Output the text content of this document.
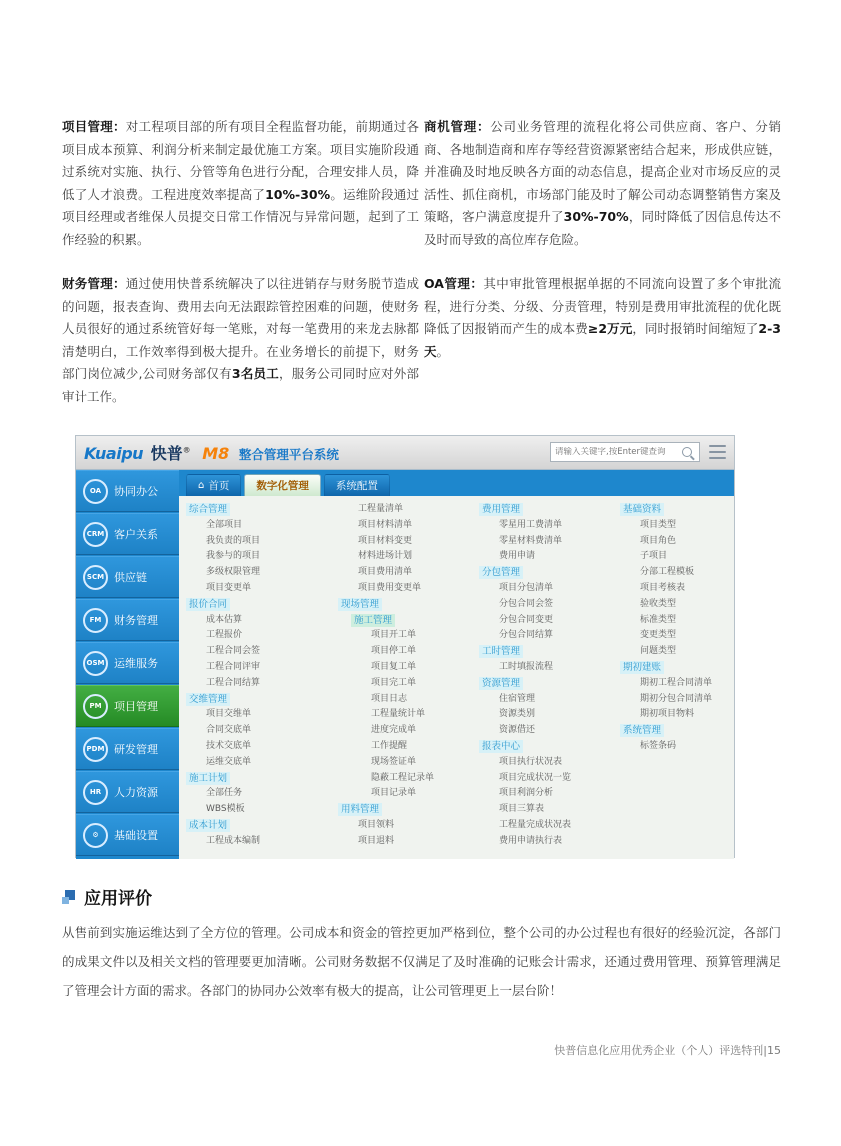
项目管理：对工程项目部的所有项目全程监督功能，前期通过各项目成本预算、利润分析来制定最优施工方案。项目实施阶段通过系统对实施、执行、分管等角色进行分配，合理安排人员，降低了人才浪费。工程进度效率提高了10%-30%。运维阶段通过项目经理或者维保人员提交日常工作情况与异常问题，起到了工作经验的积累。

财务管理：通过使用快普系统解决了以往进销存与财务脱节造成的问题，报表查询、费用去向无法跟踪管控困难的问题，使财务人员很好的通过系统管好每一笔账，对每一笔费用的来龙去脉都清楚明白，工作效率得到极大提升。在业务增长的前提下，财务部门岗位减少,公司财务部仅有3名员工，服务公司同时应对外部审计工作。

商机管理：公司业务管理的流程化将公司供应商、客户、分销商、各地制造商和库存等经营资源紧密结合起来，形成供应链，并准确及时地反映各方面的动态信息，提高企业对市场反应的灵活性、抓住商机，市场部门能及时了解公司动态调整销售方案及策略，客户满意度提升了30%-70%，同时降低了因信息传达不及时而导致的高位库存危险。

OA管理：其中审批管理根据单据的不同流向设置了多个审批流程，进行分类、分级、分责管理，特别是费用审批流程的优化既降低了因报销而产生的成本费≥2万元，同时报销时间缩短了2-3天。

Kuaipu 快普® M8 整合管理平台系统
请输入关键字,按Enter键查询
OA	协同办公
CRM 客户关系
SCM 供应链
FM	财务管理
OSM 运维服务
PM	项目管理
PDM 研发管理
HR	人力资源
⚙	基础设置
⌂ 首页	数字化管理	系统配置
综合管理
全部项目
我负责的项目
我参与的项目
多级权限管理
项目变更单
报价合同
成本估算
工程报价
工程合同会签
工程合同评审
工程合同结算
交维管理
项目交维单
合同交底单
技术交底单
运维交底单
施工计划
全部任务
WBS模板
成本计划
工程成本编制
工程量清单
项目材料清单
项目材料变更
材料进场计划
项目费用清单
项目费用变更单
现场管理
施工管理
项目开工单
项目停工单
项目复工单
项目完工单
项目日志
工程量统计单
进度完成单
工作提醒
现场签证单
隐蔽工程记录单
项目记录单
用料管理
项目领料
项目退料
费用管理
零星用工费清单
零星材料费清单
费用申请
分包管理
项目分包清单
分包合同会签
分包合同变更
分包合同结算
工时管理
工时填报流程
资源管理
住宿管理
资源类别
资源借还
报表中心
项目执行状况表
项目完成状况一览
项目利润分析
项目三算表
工程量完成状况表
费用申请执行表
基础资料
项目类型
项目角色
子项目
分部工程模板
项目考核表
验收类型
标准类型
变更类型
问题类型
期初建账
期初工程合同清单
期初分包合同清单
期初项目物料
系统管理
标签条码
应用评价
从售前到实施运维达到了全方位的管理。公司成本和资金的管控更加严格到位，整个公司的办公过程也有很好的经验沉淀，各部门的成果文件以及相关文档的管理要更加清晰。公司财务数据不仅满足了及时准确的记账会计需求，还通过费用管理、预算管理满足了管理会计方面的需求。各部门的协同办公效率有极大的提高，让公司管理更上一层台阶！
快普信息化应用优秀企业（个人）评选特刊|15
